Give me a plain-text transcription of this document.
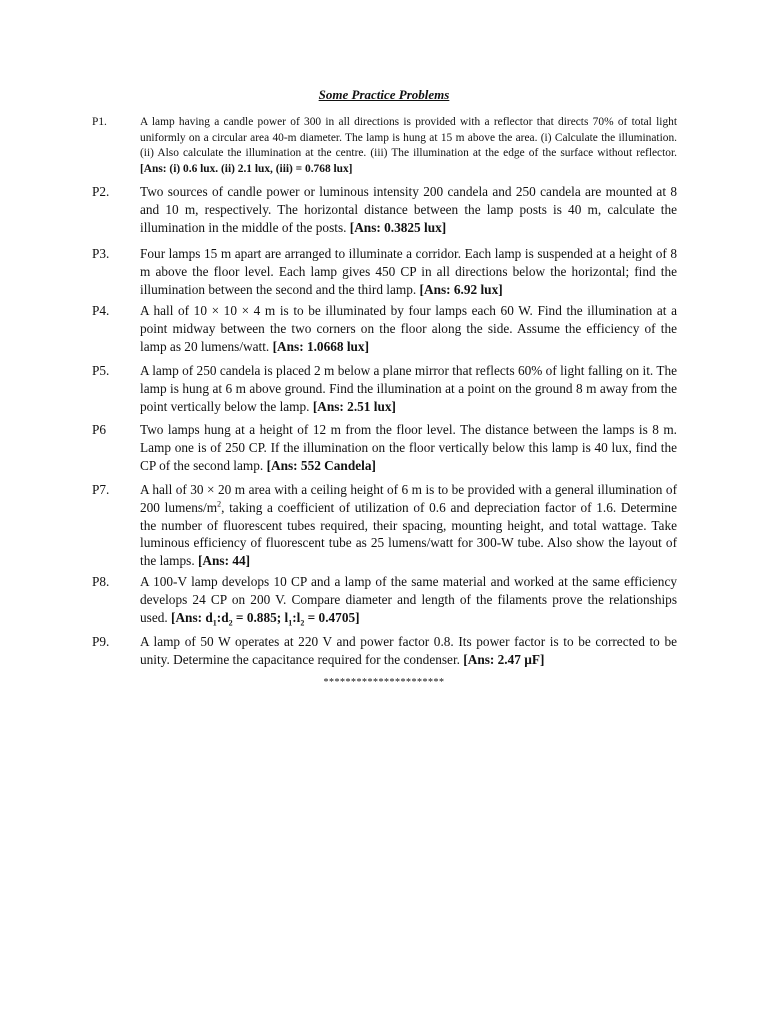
Some Practice Problems
P1.	A lamp having a candle power of 300 in all directions is provided with a reflector that directs 70% of total light uniformly on a circular area 40-m diameter. The lamp is hung at 15 m above the area. (i) Calculate the illumination. (ii) Also calculate the illumination at the centre. (iii) The illumination at the edge of the surface without reflector. [Ans: (i) 0.6 lux. (ii) 2.1 lux, (iii) = 0.768 lux]
P2.	Two sources of candle power or luminous intensity 200 candela and 250 candela are mounted at 8 and 10 m, respectively. The horizontal distance between the lamp posts is 40 m, calculate the illumination in the middle of the posts. [Ans: 0.3825 lux]
P3.	Four lamps 15 m apart are arranged to illuminate a corridor. Each lamp is suspended at a height of 8 m above the floor level. Each lamp gives 450 CP in all directions below the horizontal; find the illumination between the second and the third lamp. [Ans: 6.92 lux]
P4.	A hall of 10 × 10 × 4 m is to be illuminated by four lamps each 60 W. Find the illumination at a point midway between the two corners on the floor along the side. Assume the efficiency of the lamp as 20 lumens/watt. [Ans: 1.0668 lux]
P5.	A lamp of 250 candela is placed 2 m below a plane mirror that reflects 60% of light falling on it. The lamp is hung at 6 m above ground. Find the illumination at a point on the ground 8 m away from the point vertically below the lamp. [Ans: 2.51 lux]
P6	Two lamps hung at a height of 12 m from the floor level. The distance between the lamps is 8 m. Lamp one is of 250 CP. If the illumination on the floor vertically below this lamp is 40 lux, find the CP of the second lamp. [Ans: 552 Candela]
P7.	A hall of 30 × 20 m area with a ceiling height of 6 m is to be provided with a general illumination of 200 lumens/$m^2$, taking a coefficient of utilization of 0.6 and depreciation factor of 1.6. Determine the number of fluorescent tubes required, their spacing, mounting height, and total wattage. Take luminous efficiency of fluorescent tube as 25 lumens/watt for 300-W tube. Also show the layout of the lamps. [Ans: 44]
P8.	A 100-V lamp develops 10 CP and a lamp of the same material and worked at the same efficiency develops 24 CP on 200 V. Compare diameter and length of the filaments prove the relationships used. [Ans: $d_1:d_2 = 0.885$; $l_1:l_2 = 0.4705$]
P9.	A lamp of 50 W operates at 220 V and power factor 0.8. Its power factor is to be corrected to be unity. Determine the capacitance required for the condenser. [Ans: 2.47 µF]
**********************
